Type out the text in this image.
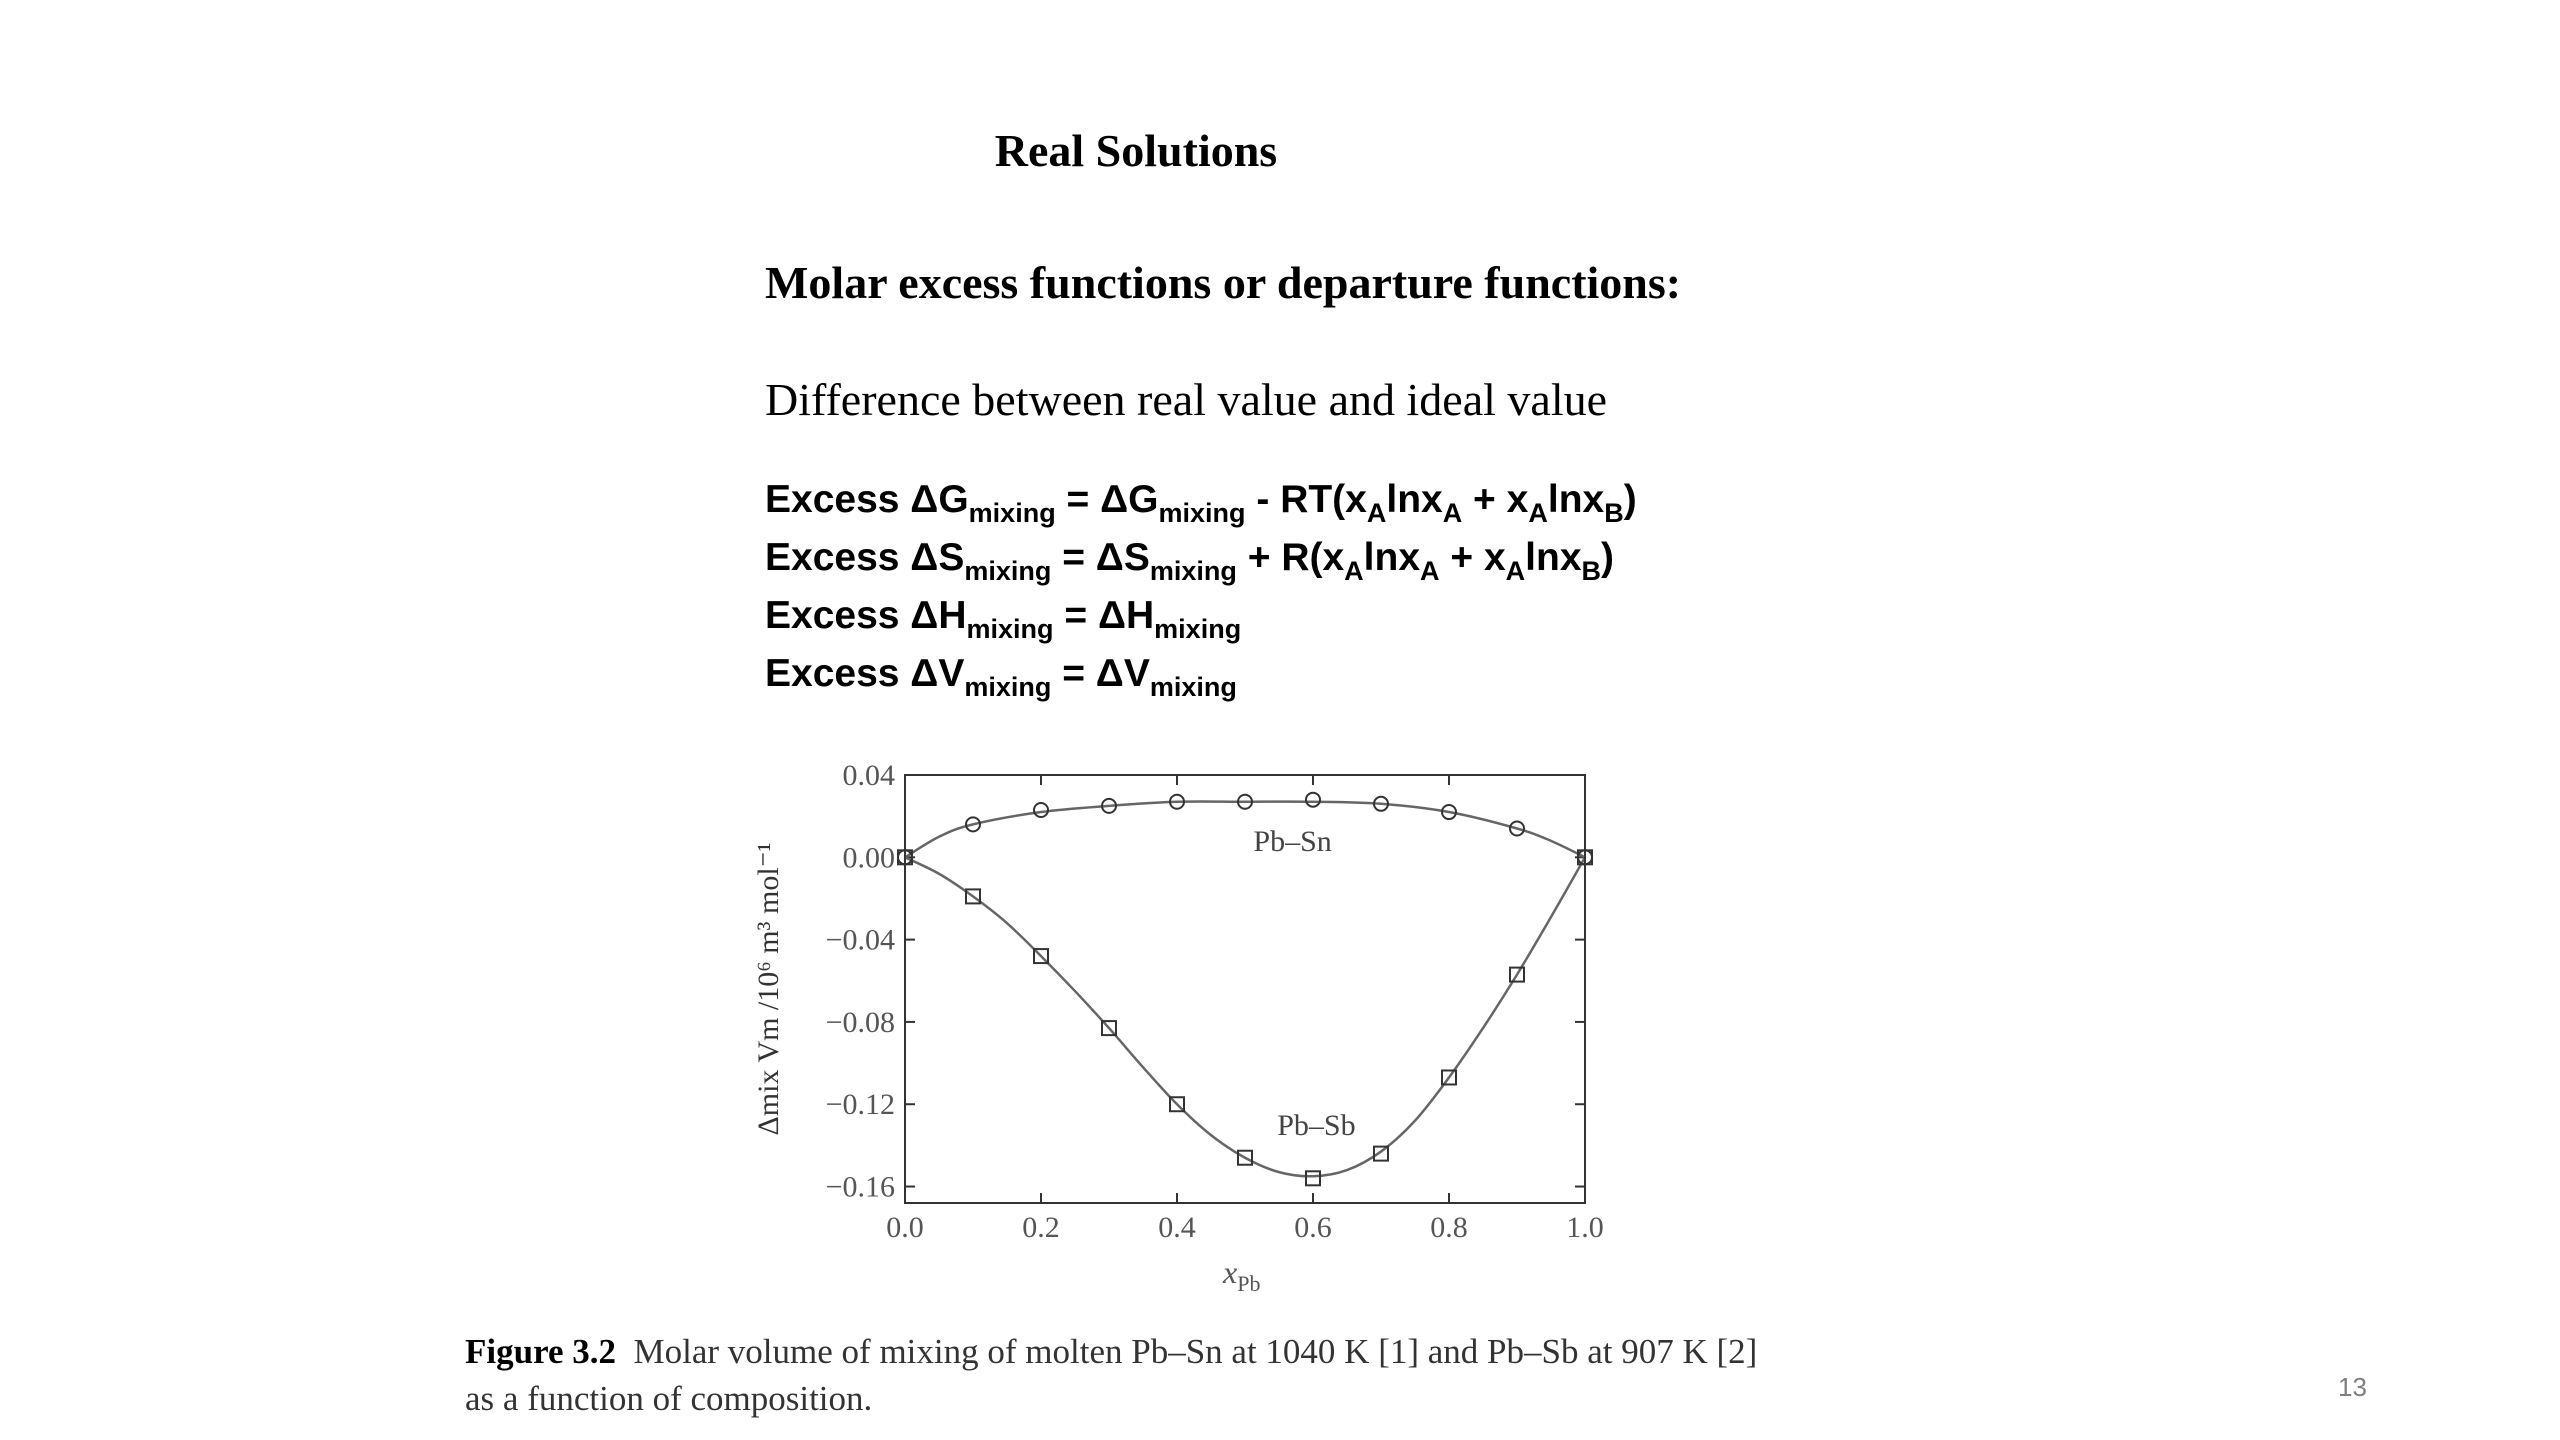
Real Solutions
Molar excess functions or departure functions:
Difference between real value and ideal value
Excess $\Delta G_{mixing} = \Delta G_{mixing} - RT(x_A\ln x_A + x_A\ln x_B)$
Excess $\Delta S_{mixing} = \Delta S_{mixing} + R(x_A\ln x_A + x_A\ln x_B)$
Excess $\Delta H_{mixing} = \Delta H_{mixing}$
Excess $\Delta V_{mixing} = \Delta V_{mixing}$
0.0	0.2	0.4	0.6	0.8	1.0
0.04
0.00
−0.04
−0.08
−0.12
−0.16
Pb–Sn
Pb–Sb
$x_{Pb}$
Δmix Vm /10⁶ m³ mol⁻¹
Figure 3.2 Molar volume of mixing of molten Pb–Sn at 1040 K [1] and Pb–Sb at 907 K [2]
as a function of composition.	13
